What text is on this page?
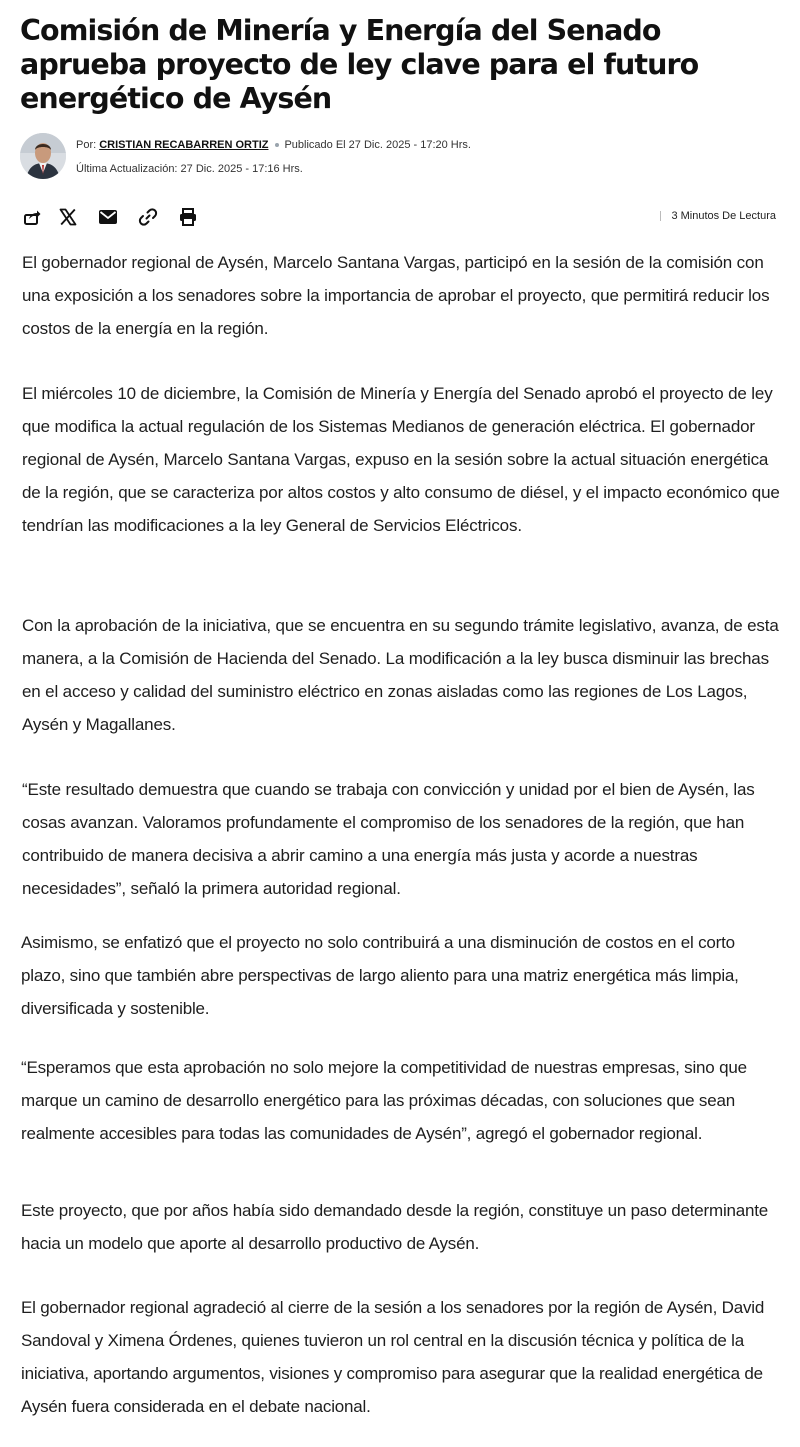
Comisión de Minería y Energía del Senado aprueba proyecto de ley clave para el futuro energético de Aysén
Por: CRISTIAN RECABARREN ORTIZ Publicado El 27 Dic. 2025 - 17:20 Hrs.
Última Actualización: 27 Dic. 2025 - 17:16 Hrs.
3 Minutos De Lectura

El gobernador regional de Aysén, Marcelo Santana Vargas, participó en la sesión de la comisión con una exposición a los senadores sobre la importancia de aprobar el proyecto, que permitirá reducir los costos de la energía en la región.

El miércoles 10 de diciembre, la Comisión de Minería y Energía del Senado aprobó el proyecto de ley que modifica la actual regulación de los Sistemas Medianos de generación eléctrica. El gobernador regional de Aysén, Marcelo Santana Vargas, expuso en la sesión sobre la actual situación energética de la región, que se caracteriza por altos costos y alto consumo de diésel, y el impacto económico que tendrían las modificaciones a la ley General de Servicios Eléctricos.

Con la aprobación de la iniciativa, que se encuentra en su segundo trámite legislativo, avanza, de esta manera, a la Comisión de Hacienda del Senado. La modificación a la ley busca disminuir las brechas en el acceso y calidad del suministro eléctrico en zonas aisladas como las regiones de Los Lagos, Aysén y Magallanes.

“Este resultado demuestra que cuando se trabaja con convicción y unidad por el bien de Aysén, las cosas avanzan. Valoramos profundamente el compromiso de los senadores de la región, que han contribuido de manera decisiva a abrir camino a una energía más justa y acorde a nuestras necesidades”, señaló la primera autoridad regional.

Asimismo, se enfatizó que el proyecto no solo contribuirá a una disminución de costos en el corto plazo, sino que también abre perspectivas de largo aliento para una matriz energética más limpia, diversificada y sostenible.

“Esperamos que esta aprobación no solo mejore la competitividad de nuestras empresas, sino que marque un camino de desarrollo energético para las próximas décadas, con soluciones que sean realmente accesibles para todas las comunidades de Aysén”, agregó el gobernador regional.

Este proyecto, que por años había sido demandado desde la región, constituye un paso determinante hacia un modelo que aporte al desarrollo productivo de Aysén.

El gobernador regional agradeció al cierre de la sesión a los senadores por la región de Aysén, David Sandoval y Ximena Órdenes, quienes tuvieron un rol central en la discusión técnica y política de la iniciativa, aportando argumentos, visiones y compromiso para asegurar que la realidad energética de Aysén fuera considerada en el debate nacional.
